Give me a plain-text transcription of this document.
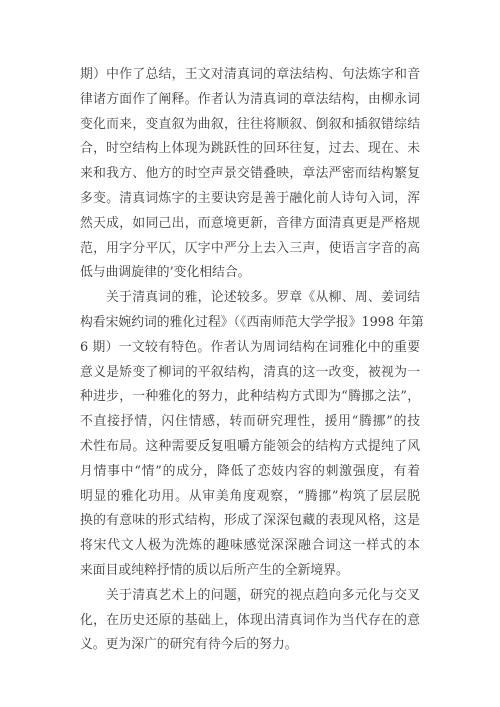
期）中作了总结，王文对清真词的章法结构、句法炼字和音
律诸方面作了阐释。作者认为清真词的章法结构，由柳永词
变化而来，变直叙为曲叙，往往将顺叙、倒叙和插叙错综结
合，时空结构上体现为跳跃性的回环往复，过去、现在、未
来和我方、他方的时空声景交错叠映，章法严密而结构繁复
多变。清真词炼字的主要诀窍是善于融化前人诗句入词，浑
然天成，如同己出，而意境更新，音律方面清真更是严格规
范，用字分平仄，仄字中严分上去入三声，使语言字音的高
低与曲调旋律的’变化相结合。
关于清真词的雅，论述较多。罗章《从柳、周、姜词结
构看宋婉约词的雅化过程》（《西南师范大学学报》1998 年第
6 期）一文较有特色。作者认为周词结构在词雅化中的重要
意义是矫变了柳词的平叙结构，清真的这一改变，被视为一
种进步，一种雅化的努力，此种结构方式即为“腾挪之法”，
不直接抒情，闪住情感，转而研究理性，援用“腾挪”的技
术性布局。这种需要反复咀嚼方能领会的结构方式提纯了风
月情事中“情”的成分，降低了恋妓内容的刺激强度，有着
明显的雅化功用。从审美角度观察，“腾挪”构筑了层层脱
换的有意味的形式结构，形成了深深包藏的表现风格，这是
将宋代文人极为洗炼的趣味感觉深深融合词这一样式的本
来面目或纯粹抒情的质以后所产生的全新境界。
关于清真艺术上的问题，研究的视点趋向多元化与交叉
化，在历史还原的基础上，体现出清真词作为当代存在的意
义。更为深广的研究有待今后的努力。
